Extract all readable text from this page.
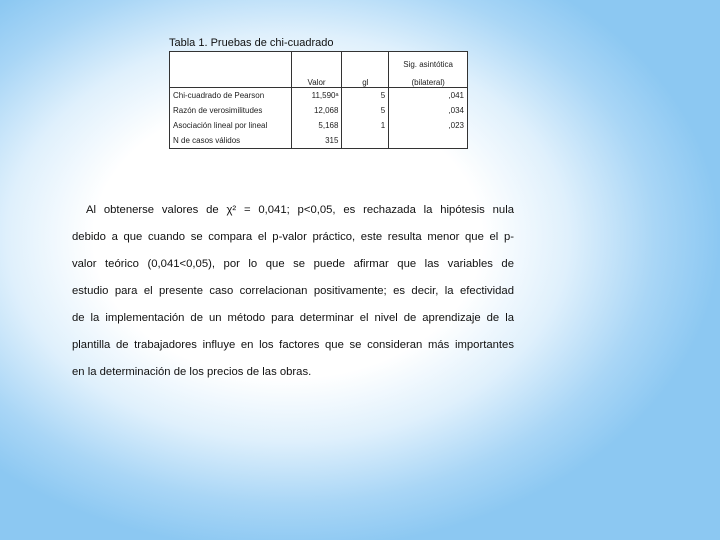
Tabla 1. Pruebas de chi-cuadrado
			Sig. asintótica
	Valor	gl	(bilateral)
Chi-cuadrado de Pearson	11,590ᵃ	5	,041
Razón de verosimilitudes	12,068	5	,034
Asociación lineal por lineal	5,168	1	,023
N de casos válidos	315		

Al obtenerse valores de χ² = 0,041; p<0,05, es rechazada la hipótesis nula
debido a que cuando se compara el p-valor práctico, este resulta menor que el p-
valor teórico (0,041<0,05), por lo que se puede afirmar que las variables de
estudio para el presente caso correlacionan positivamente; es decir, la efectividad
de la implementación de un método para determinar el nivel de aprendizaje de la
plantilla de trabajadores influye en los factores que se consideran más importantes
en la determinación de los precios de las obras.
